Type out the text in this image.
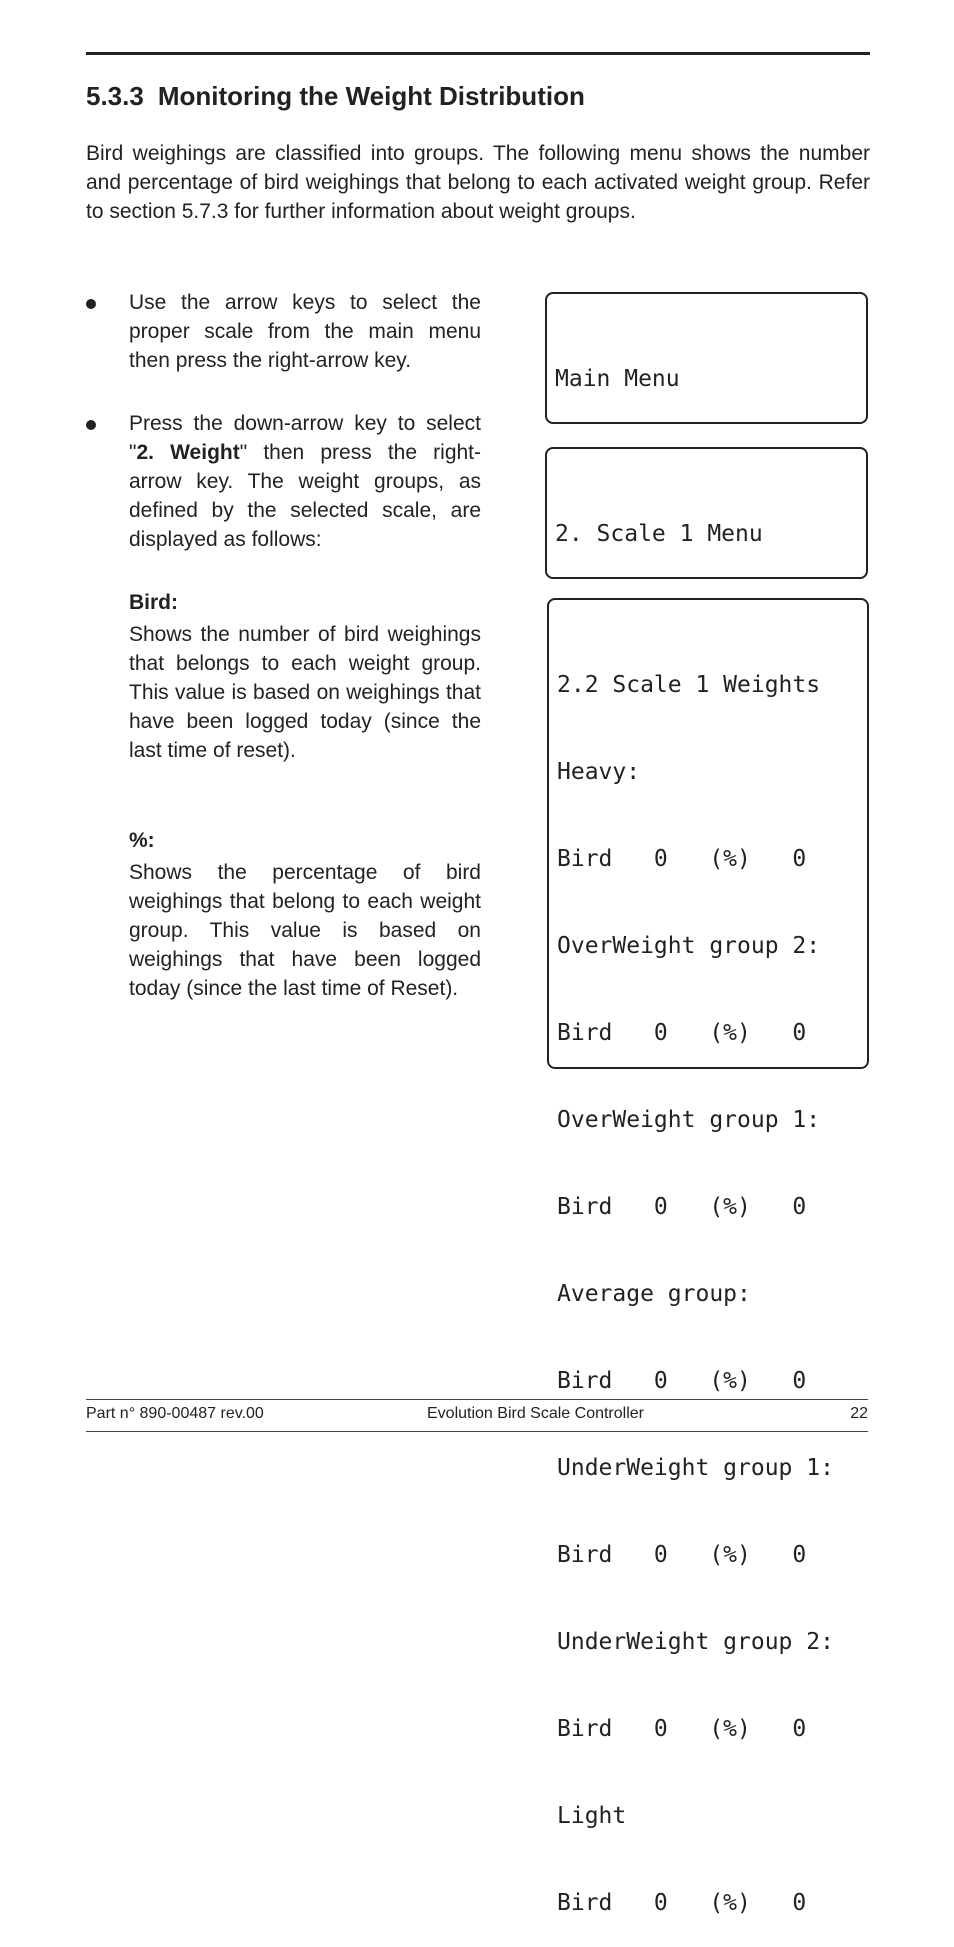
5.3.3 Monitoring the Weight Distribution

Bird weighings are classified into groups. The following menu shows the number and percentage of bird weighings that belong to each activated weight group. Refer to section 5.7.3 for further information about weight groups.

Use the arrow keys to select the proper scale from the main menu then press the right-arrow key.
Press the down-arrow key to select "2. Weight" then press the right-arrow key. The weight groups, as defined by the selected scale, are displayed as follows:

Bird:

Shows the number of bird weighings that belongs to each weight group. This value is based on weighings that have been logged today (since the last time of reset).

%:

Shows the percentage of bird weighings that belong to each weight group. This value is based on weighings that have been logged today (since the last time of Reset).

Main Menu

2. Scale 1 Menu

2.2 Scale 1 Weights

Heavy:

Bird   0   (%)   0

OverWeight group 2:

Bird   0   (%)   0

OverWeight group 1:

Bird   0   (%)   0

Average group:

Bird   0   (%)   0

UnderWeight group 1:

Bird   0   (%)   0

UnderWeight group 2:

Bird   0   (%)   0

Light

Bird   0   (%)   0

Part n° 890-00487 rev.00	Evolution Bird Scale Controller	22
